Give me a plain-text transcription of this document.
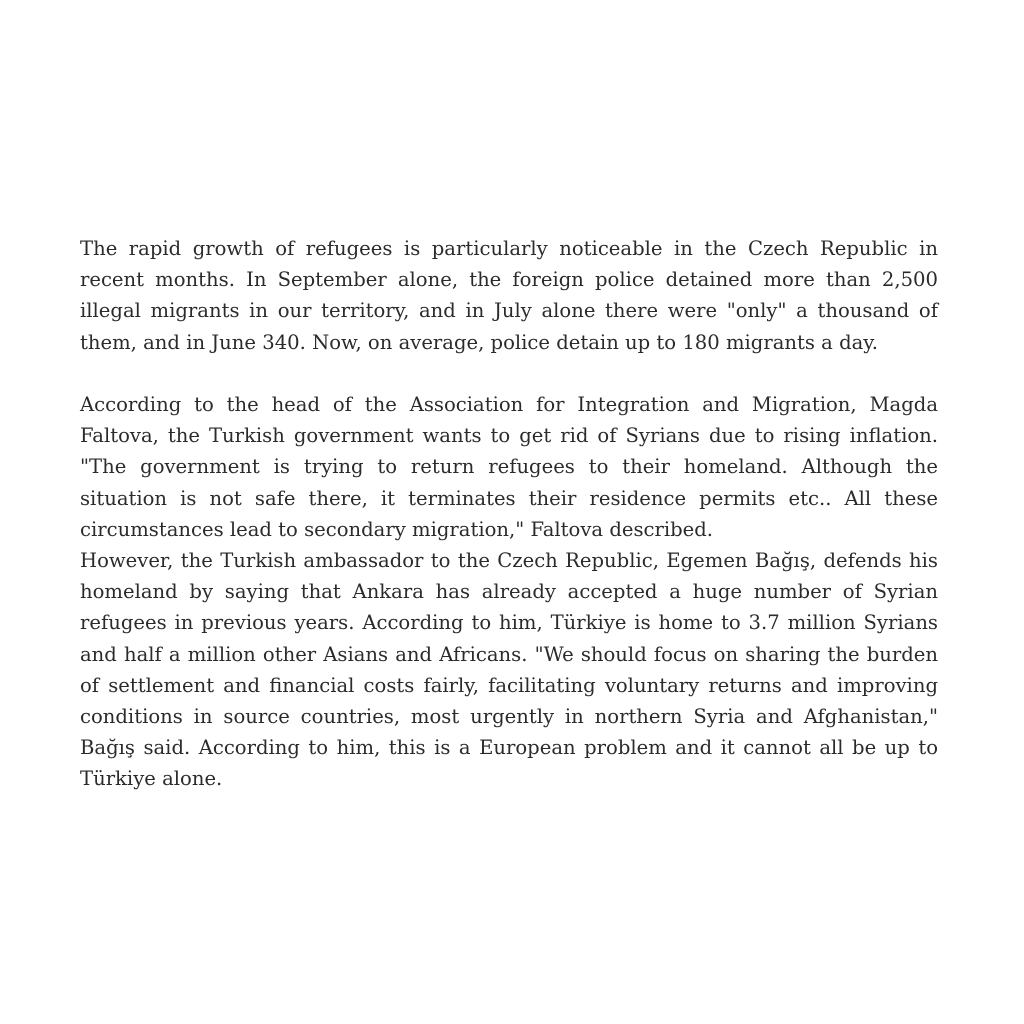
The rapid growth of refugees is particularly noticeable in the Czech Republic in recent months. In September alone, the foreign police detained more than 2,500 illegal migrants in our territory, and in July alone there were "only" a thousand of them, and in June 340. Now, on average, police detain up to 180 migrants a day.

According to the head of the Association for Integration and Migration, Magda Faltova, the Turkish government wants to get rid of Syrians due to rising inflation. "The government is trying to return refugees to their homeland. Although the situation is not safe there, it terminates their residence permits etc.. All these circumstances lead to secondary migration," Faltova described.

However, the Turkish ambassador to the Czech Republic, Egemen Bağış, defends his homeland by saying that Ankara has already accepted a huge number of Syrian refugees in previous years. According to him, Türkiye is home to 3.7 million Syrians and half a million other Asians and Africans. "We should focus on sharing the burden of settlement and financial costs fairly, facilitating voluntary returns and improving conditions in source countries, most urgently in northern Syria and Afghanistan," Bağış said. According to him, this is a European problem and it cannot all be up to Türkiye alone.
